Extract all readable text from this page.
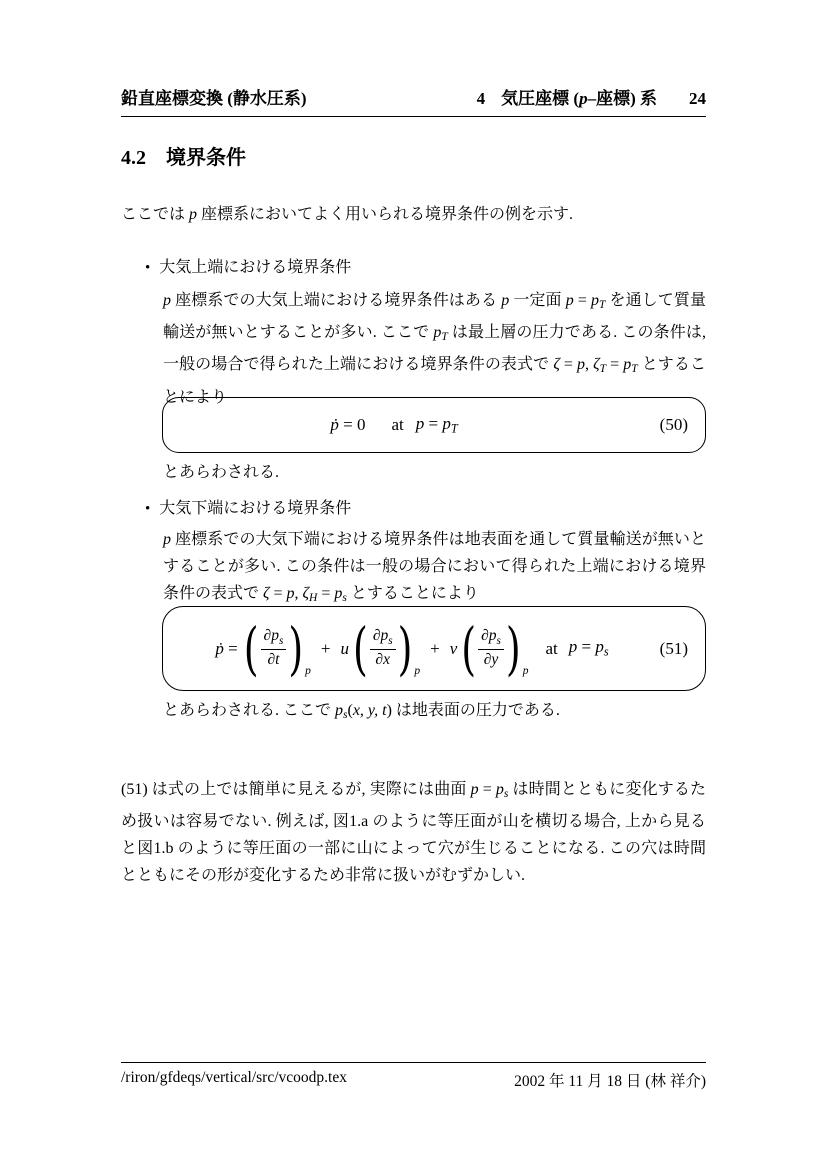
鉛直座標変換 (静水圧系)	4 気圧座標 (p–座標) 系 24
4.2 境界条件

ここでは p 座標系においてよく用いられる境界条件の例を示す.

• 大気上端における境界条件

p 座標系での大気上端における境界条件はある p 一定面 $p = p_T$ を通して質量輸送が無いとすることが多い. ここで $p_T$ は最上層の圧力である. この条件は, 一般の場合で得られた上端における境界条件の表式で ζ = p, $\zeta_T = p_T$ とすることにより

ṗ = 0 at $p = p_T$	(50)

とあらわされる.

• 大気下端における境界条件

p 座標系での大気下端における境界条件は地表面を通して質量輸送が無いとすることが多い. この条件は一般の場合において得られた上端における境界条件の表式で ζ = p, $\zeta_H = p_s$ とすることにより

ṗ = ( $\frac{\partial p_s}{\partial t}$ ) p
+ u ( $\frac{\partial p_s}{\partial x}$ ) p
+ v ( $\frac{\partial p_s}{\partial y}$ ) p
at $p = p_s$	(51)

とあらわされる. ここで $p_s(x$, y, t) は地表面の圧力である.

(51) は式の上では簡単に見えるが, 実際には曲面 $p = p_s$ は時間とともに変化するため扱いは容易でない. 例えば, 図1.a のように等圧面が山を横切る場合, 上から見ると図1.b のように等圧面の一部に山によって穴が生じることになる. この穴は時間とともにその形が変化するため非常に扱いがむずかしい.

/riron/gfdeqs/vertical/src/vcoodp.tex	2002 年 11 月 18 日 (林 祥介)
